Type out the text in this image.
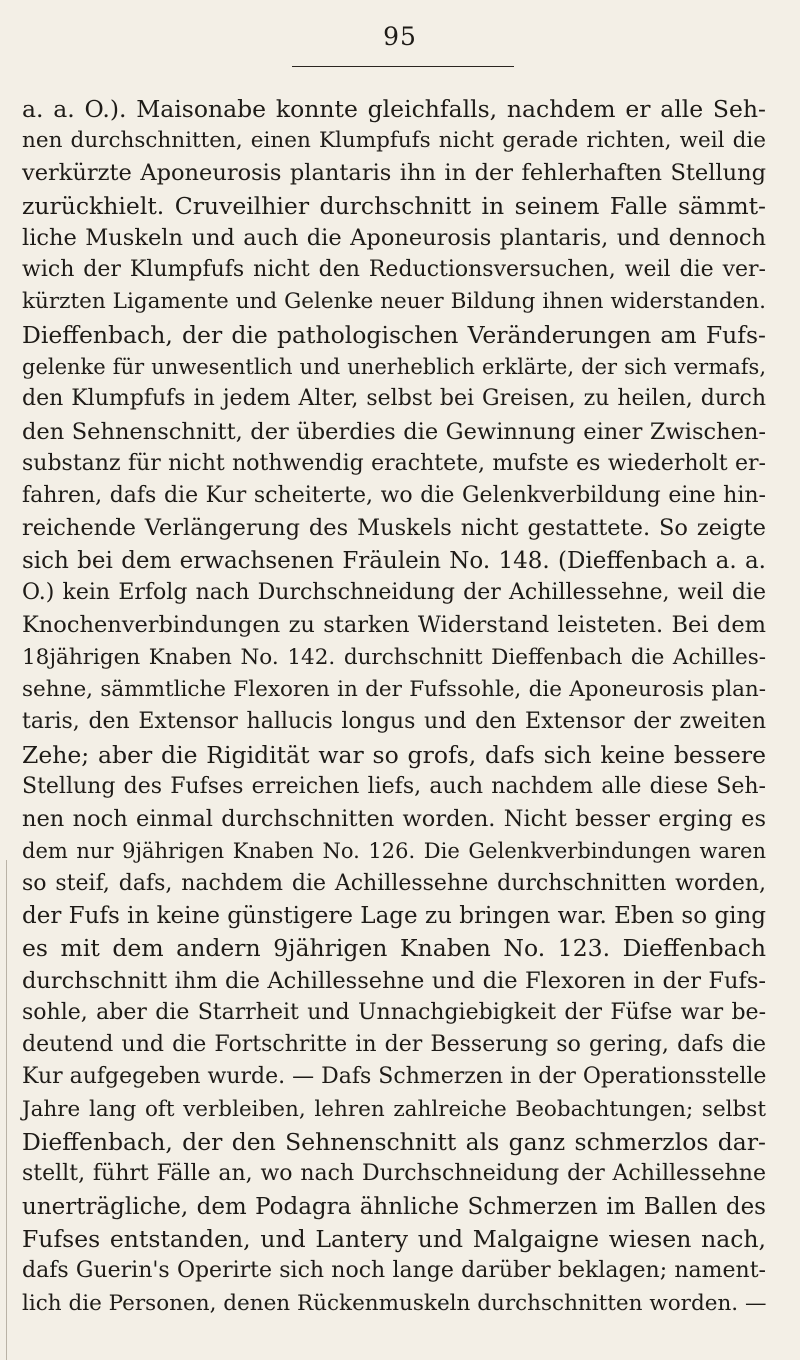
95
a. a. O.). Maisonabe konnte gleichfalls, nachdem er alle Seh-
nen durchschnitten, einen Klumpfufs nicht gerade richten, weil die
verkürzte Aponeurosis plantaris ihn in der fehlerhaften Stellung
zurückhielt. Cruveilhier durchschnitt in seinem Falle sämmt-
liche Muskeln und auch die Aponeurosis plantaris, und dennoch
wich der Klumpfufs nicht den Reductionsversuchen, weil die ver-
kürzten Ligamente und Gelenke neuer Bildung ihnen widerstanden.
Dieffenbach, der die pathologischen Veränderungen am Fufs-
gelenke für unwesentlich und unerheblich erklärte, der sich vermafs,
den Klumpfufs in jedem Alter, selbst bei Greisen, zu heilen, durch
den Sehnenschnitt, der überdies die Gewinnung einer Zwischen-
substanz für nicht nothwendig erachtete, mufste es wiederholt er-
fahren, dafs die Kur scheiterte, wo die Gelenkverbildung eine hin-
reichende Verlängerung des Muskels nicht gestattete. So zeigte
sich bei dem erwachsenen Fräulein No. 148. (Dieffenbach a. a.
O.) kein Erfolg nach Durchschneidung der Achillessehne, weil die
Knochenverbindungen zu starken Widerstand leisteten. Bei dem
18jährigen Knaben No. 142. durchschnitt Dieffenbach die Achilles-
sehne, sämmtliche Flexoren in der Fufssohle, die Aponeurosis plan-
taris, den Extensor hallucis longus und den Extensor der zweiten
Zehe; aber die Rigidität war so grofs, dafs sich keine bessere
Stellung des Fufses erreichen liefs, auch nachdem alle diese Seh-
nen noch einmal durchschnitten worden. Nicht besser erging es
dem nur 9jährigen Knaben No. 126. Die Gelenkverbindungen waren
so steif, dafs, nachdem die Achillessehne durchschnitten worden,
der Fufs in keine günstigere Lage zu bringen war. Eben so ging
es mit dem andern 9jährigen Knaben No. 123. Dieffenbach
durchschnitt ihm die Achillessehne und die Flexoren in der Fufs-
sohle, aber die Starrheit und Unnachgiebigkeit der Füfse war be-
deutend und die Fortschritte in der Besserung so gering, dafs die
Kur aufgegeben wurde. — Dafs Schmerzen in der Operationsstelle
Jahre lang oft verbleiben, lehren zahlreiche Beobachtungen; selbst
Dieffenbach, der den Sehnenschnitt als ganz schmerzlos dar-
stellt, führt Fälle an, wo nach Durchschneidung der Achillessehne
unerträgliche, dem Podagra ähnliche Schmerzen im Ballen des
Fufses entstanden, und Lantery und Malgaigne wiesen nach,
dafs Guerin's Operirte sich noch lange darüber beklagen; nament-
lich die Personen, denen Rückenmuskeln durchschnitten worden. —
